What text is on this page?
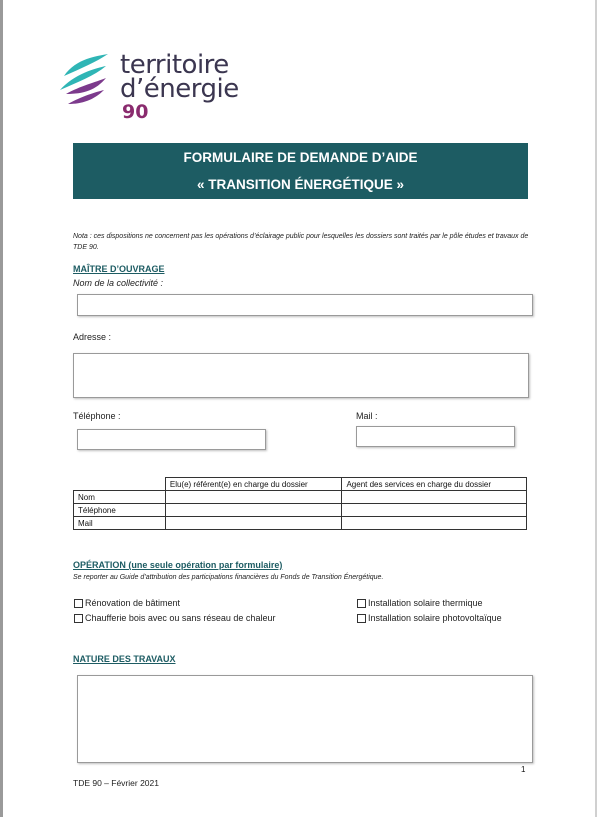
territoire
d’énergie
90
FORMULAIRE DE DEMANDE D’AIDE
« TRANSITION ÉNERGÉTIQUE »
Nota : ces dispositions ne concernent pas les opérations d’éclairage public pour lesquelles les dossiers sont traités par le pôle études et travaux de TDE 90.
MAÎTRE D’OUVRAGE
Nom de la collectivité :
Adresse :
Téléphone :	Mail :
	Elu(e) référent(e) en charge du dossier	Agent des services en charge du dossier
Nom		
Téléphone		
Mail		
OPÉRATION (une seule opération par formulaire)
Se reporter au Guide d’attribution des participations financières du Fonds de Transition Énergétique.
Rénovation de bâtiment
Chaufferie bois avec ou sans réseau de chaleur
Installation solaire thermique
Installation solaire photovoltaïque
NATURE DES TRAVAUX
1
TDE 90 – Février 2021
